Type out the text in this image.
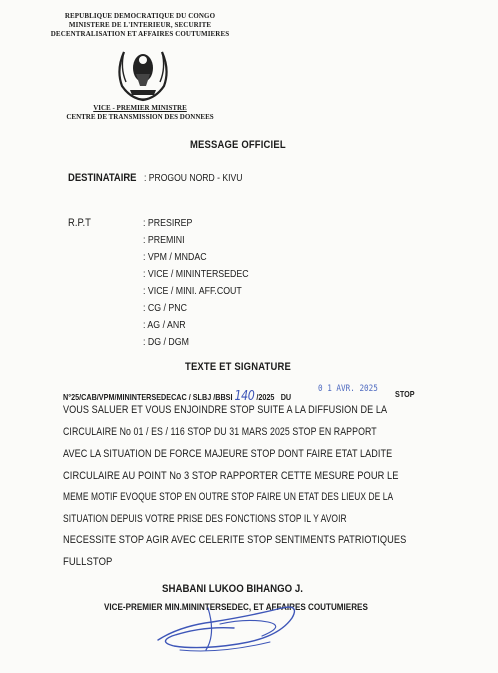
REPUBLIQUE DEMOCRATIQUE DU CONGO
MINISTERE DE L'INTERIEUR, SECURITE
DECENTRALISATION ET AFFAIRES COUTUMIERES
VICE - PREMIER MINISTRE
CENTRE DE TRANSMISSION DES DONNEES
MESSAGE OFFICIEL
DESTINATAIRE : PROGOU NORD - KIVU
R.P.T	: PRESIREP
: PREMINI
: VPM / MNDAC
: VICE / MININTERSEDEC
: VICE / MINI. AFF.COUT
: CG / PNC
: AG / ANR
: DG / DGM
TEXTE ET SIGNATURE
N°25/CAB/VPM/MININTERSEDECAC / SLBJ /BBSI 140 /2025 DU
0 1 AVR. 2025 STOP
VOUS SALUER ET VOUS ENJOINDRE STOP SUITE A LA DIFFUSION DE LA
CIRCULAIRE No 01 / ES / 116 STOP DU 31 MARS 2025 STOP EN RAPPORT
AVEC LA SITUATION DE FORCE MAJEURE STOP DONT FAIRE ETAT LADITE
CIRCULAIRE AU POINT No 3 STOP RAPPORTER CETTE MESURE POUR LE
MEME MOTIF EVOQUE STOP EN OUTRE STOP FAIRE UN ETAT DES LIEUX DE LA
SITUATION DEPUIS VOTRE PRISE DES FONCTIONS STOP IL Y AVOIR
NECESSITE STOP AGIR AVEC CELERITE STOP SENTIMENTS PATRIOTIQUES
FULLSTOP
SHABANI LUKOO BIHANGO J.
VICE-PREMIER MIN.MININTERSEDEC, ET AFFAIRES COUTUMIERES
